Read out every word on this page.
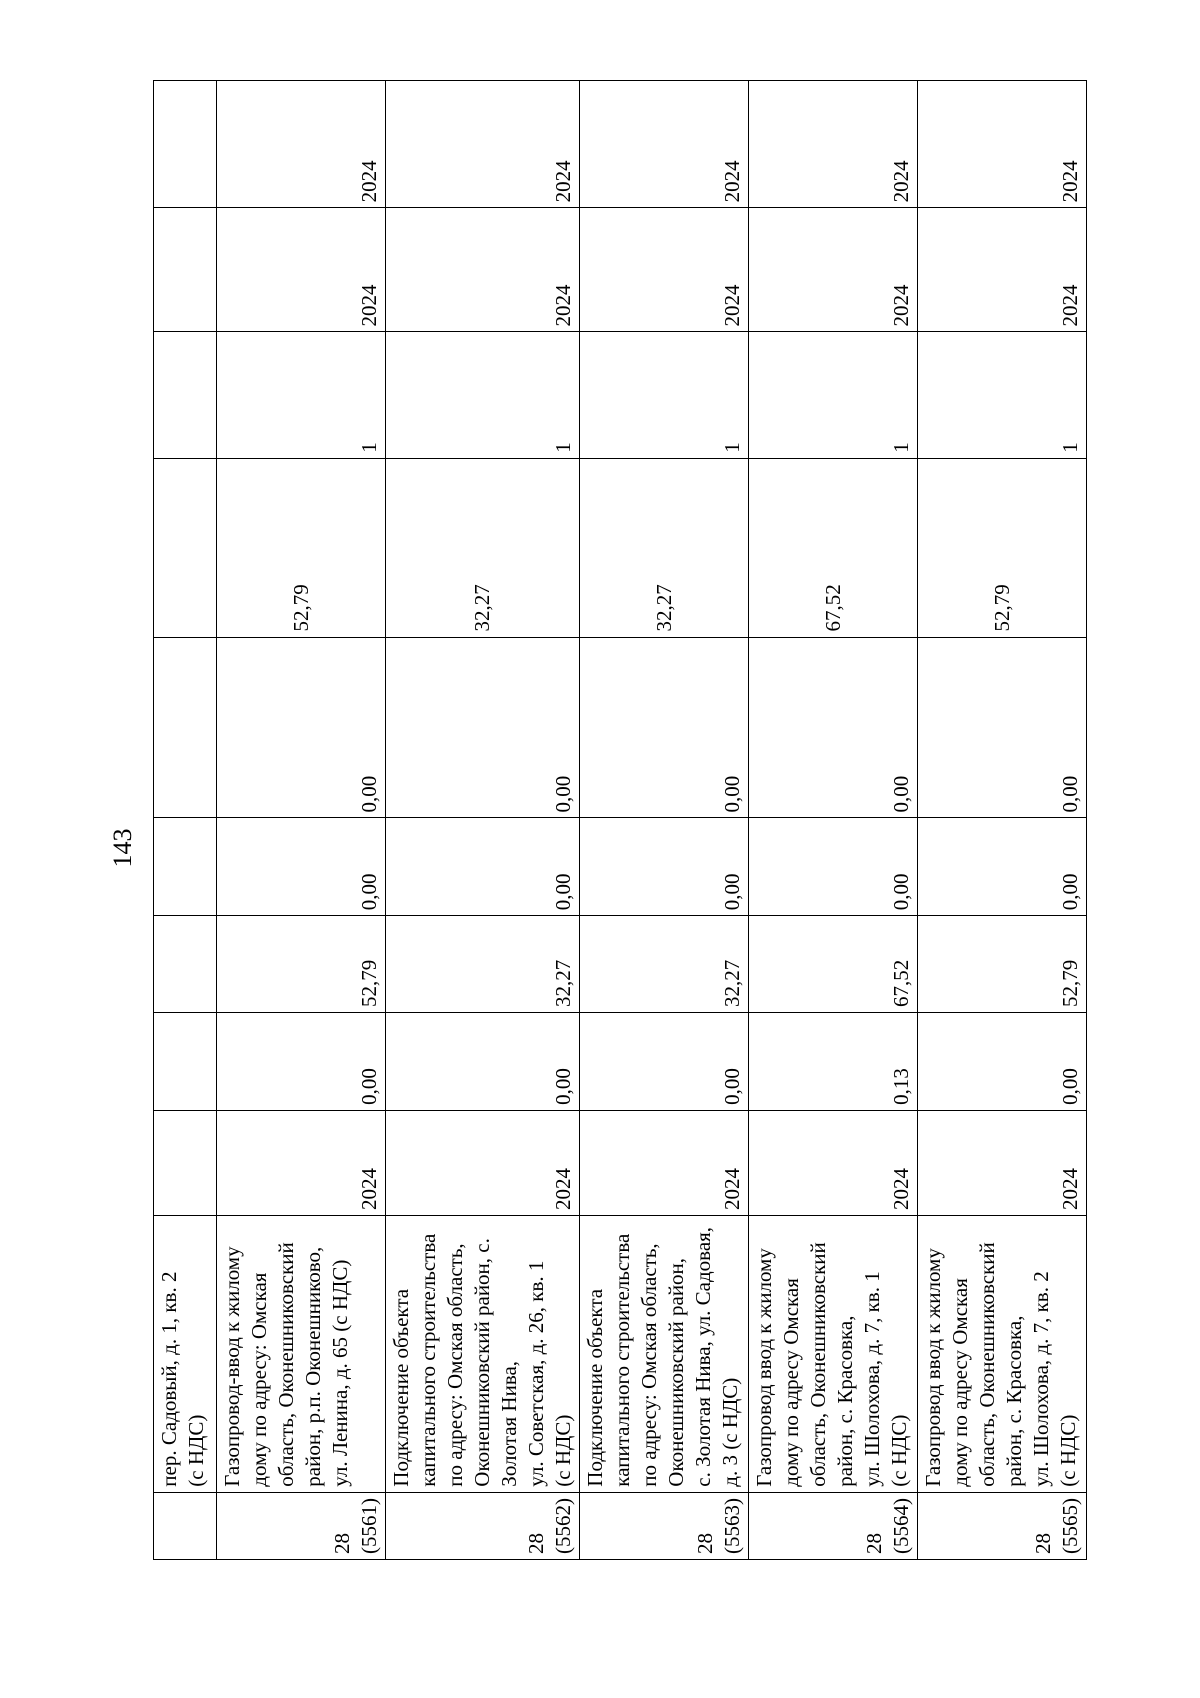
143
	пер. Садовый, д. 1, кв. 2
(с НДС)									
28
(5561)	Газопровод-ввод к жилому дому по адресу: Омская область, Оконешниковский район, р.п. Оконешниково, ул. Ленина, д. 65 (с НДС)	2024	0,00	52,79	0,00	0,00	52,79	1	2024	2024
28
(5562)	Подключение объекта капитального строительства по адресу: Омская область, Оконешниковский район, с. Золотая Нива,
ул. Советская, д. 26, кв. 1
(с НДС)	2024	0,00	32,27	0,00	0,00	32,27	1	2024	2024
28
(5563)	Подключение объекта капитального строительства по адресу: Омская область, Оконешниковский район,
с. Золотая Нива, ул. Садовая, д. 3 (с НДС)	2024	0,00	32,27	0,00	0,00	32,27	1	2024	2024
28
(5564)	Газопровод ввод к жилому дому по адресу Омская область, Оконешниковский район, с. Красовка,
ул. Шолохова, д. 7, кв. 1
(с НДС)	2024	0,13	67,52	0,00	0,00	67,52	1	2024	2024
28
(5565)	Газопровод ввод к жилому дому по адресу Омская область, Оконешниковский район, с. Красовка,
ул. Шолохова, д. 7, кв. 2
(с НДС)	2024	0,00	52,79	0,00	0,00	52,79	1	2024	2024
